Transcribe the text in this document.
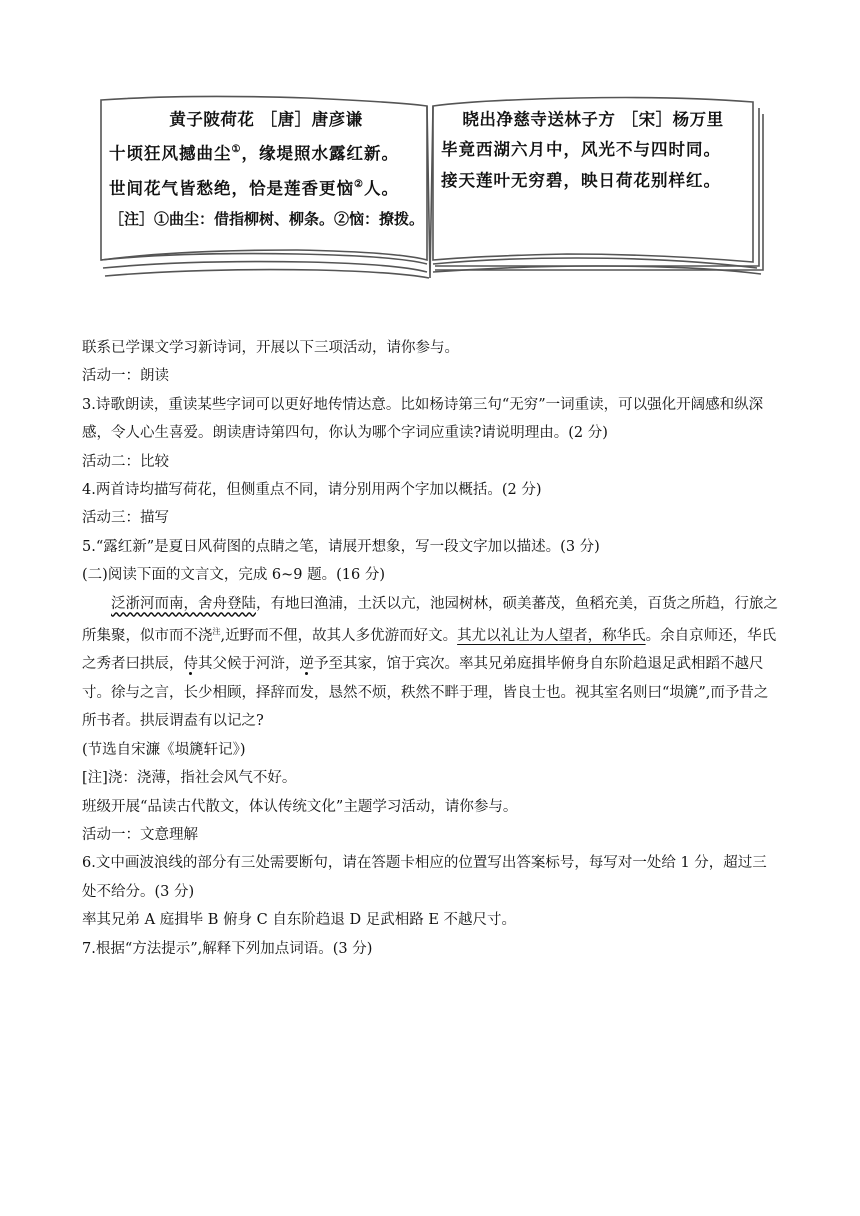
黄子陂荷花 ［唐］唐彦谦
十顷狂风撼曲尘①，缘堤照水露红新。
世间花气皆愁绝，恰是莲香更恼②人。
［注］①曲尘：借指柳树、柳条。②恼：撩拨。
晓出净慈寺送林子方 ［宋］杨万里
毕竟西湖六月中，风光不与四时同。
接天莲叶无穷碧，映日荷花别样红。

联系已学课文学习新诗词，开展以下三项活动，请你参与。

活动一：朗读

3.诗歌朗读，重读某些字词可以更好地传情达意。比如杨诗第三句“无穷”一词重读，可以强化开阔感和纵深感，令人心生喜爱。朗读唐诗第四句，你认为哪个字词应重读?请说明理由。(2 分)

活动二：比较

4.两首诗均描写荷花，但侧重点不同，请分别用两个字加以概括。(2 分)

活动三：描写

5.“露红新”是夏日风荷图的点睛之笔，请展开想象，写一段文字加以描述。(3 分)

(二)阅读下面的文言文，完成 6~9 题。(16 分)

泛浙河而南，舍舟登陆，有地曰渔浦，土沃以亢，池园树林，硕美蕃茂，鱼稻充美，百货之所趋，行旅之所集聚，似市而不浇$^注$,近野而不俚，故其人多优游而好文。其尤以礼让为人望者，称华氏。余自京师还，华氏之秀者曰拱辰，侍其父候于河浒，逆予至其家，馆于宾次。率其兄弟庭揖毕俯身自东阶趋退足武相蹈不越尺寸。徐与之言，长少相顾，择辞而发，恳然不烦，秩然不畔于理，皆良士也。视其室名则曰“埙篪”,而予昔之所书者。拱辰谓盍有以记之?

(节选自宋濂《埙篪轩记》)

[注]浇：浇薄，指社会风气不好。

班级开展“品读古代散文，体认传统文化”主题学习活动，请你参与。

活动一：文意理解

6.文中画波浪线的部分有三处需要断句，请在答题卡相应的位置写出答案标号，每写对一处给 1 分，超过三处不给分。(3 分)

率其兄弟 A 庭揖毕 B 俯身 C 自东阶趋退 D 足武相路 E 不越尺寸。

7.根据“方法提示”,解释下列加点词语。(3 分)
